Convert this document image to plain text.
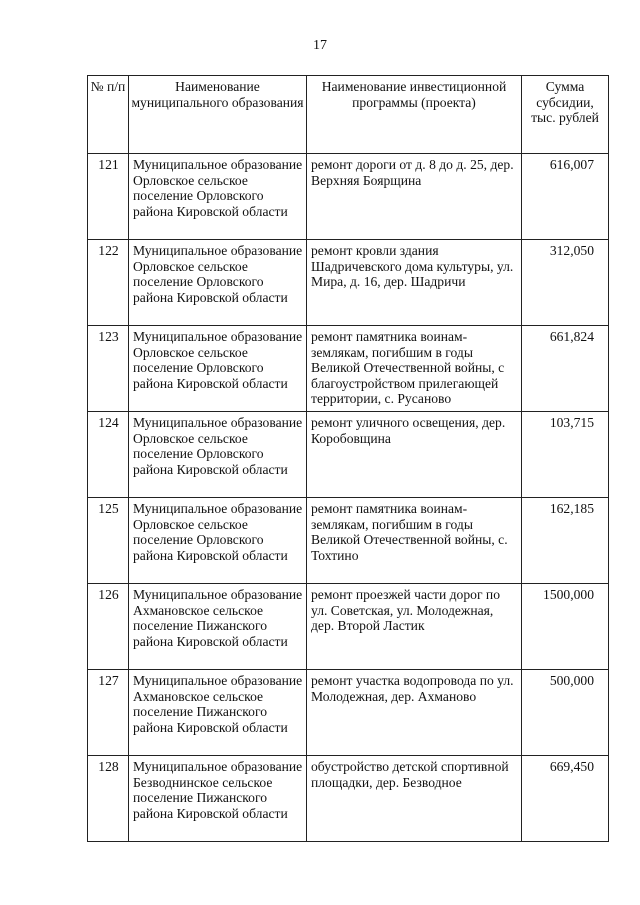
17
№ п/п	Наименование муниципального образования	Наименование инвестиционной программы (проекта)	Сумма субсидии, тыс. рублей
121	Муниципальное образование Орловское сельское поселение Орловского района Кировской области	ремонт дороги от д. 8 до д. 25, дер. Верхняя Боярщина	616,007
122	Муниципальное образование Орловское сельское поселение Орловского района Кировской области	ремонт кровли здания Шадричевского дома культуры, ул. Мира, д. 16, дер. Шадричи	312,050
123	Муниципальное образование Орловское сельское поселение Орловского района Кировской области	ремонт памятника воинам-землякам, погибшим в годы Великой Отечественной войны, с благоустройством прилегающей территории, с. Русаново	661,824
124	Муниципальное образование Орловское сельское поселение Орловского района Кировской области	ремонт уличного освещения, дер. Коробовщина	103,715
125	Муниципальное образование Орловское сельское поселение Орловского района Кировской области	ремонт памятника воинам-землякам, погибшим в годы Великой Отечественной войны, с. Тохтино	162,185
126	Муниципальное образование Ахмановское сельское поселение Пижанского района Кировской области	ремонт проезжей части дорог по ул. Советская, ул. Молодежная, дер. Второй Ластик	1500,000
127	Муниципальное образование Ахмановское сельское поселение Пижанского района Кировской области	ремонт участка водопровода по ул. Молодежная, дер. Ахманово	500,000
128	Муниципальное образование Безводнинское сельское поселение Пижанского района Кировской области	обустройство детской спортивной площадки, дер. Безводное	669,450
